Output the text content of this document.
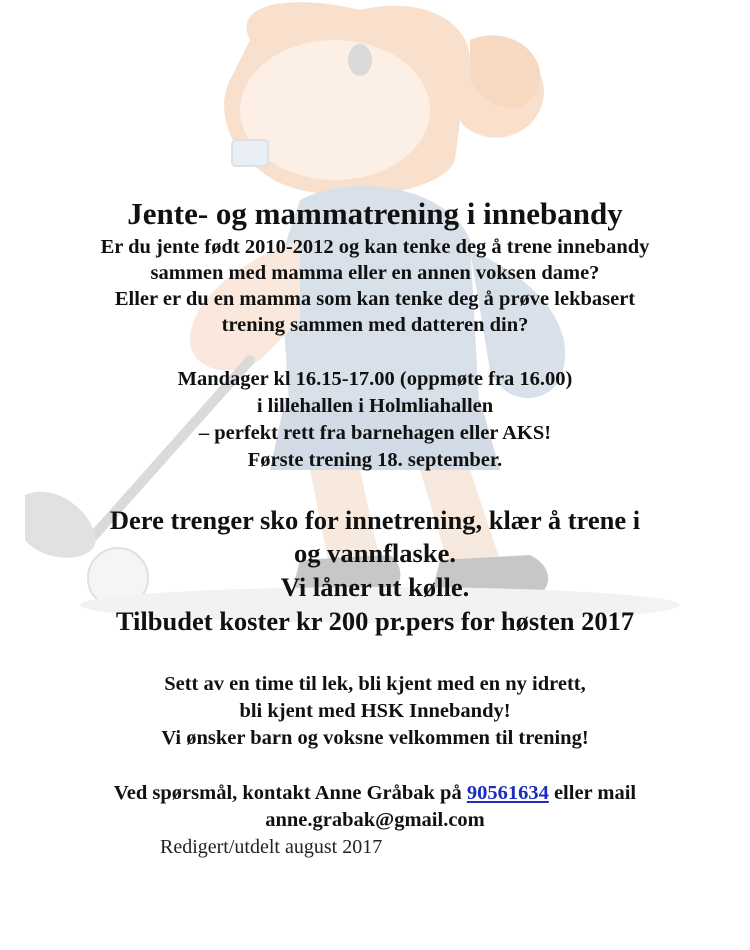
Jente- og mammatrening i innebandy
Er du jente født 2010-2012 og kan tenke deg å trene innebandy
sammen med mamma eller en annen voksen dame?
Eller er du en mamma som kan tenke deg å prøve lekbasert
trening sammen med datteren din?
Mandager kl 16.15-17.00 (oppmøte fra 16.00)
i lillehallen i Holmliahallen
– perfekt rett fra barnehagen eller AKS!
Første trening 18. september.
Dere trenger sko for innetrening, klær å trene i
og vannflaske.
Vi låner ut kølle.
Tilbudet koster kr 200 pr.pers for høsten 2017
Sett av en time til lek, bli kjent med en ny idrett,
bli kjent med HSK Innebandy!
Vi ønsker barn og voksne velkommen til trening!
Ved spørsmål, kontakt Anne Gråbak på 90561634 eller mail
anne.grabak@gmail.com
Redigert/utdelt august 2017
